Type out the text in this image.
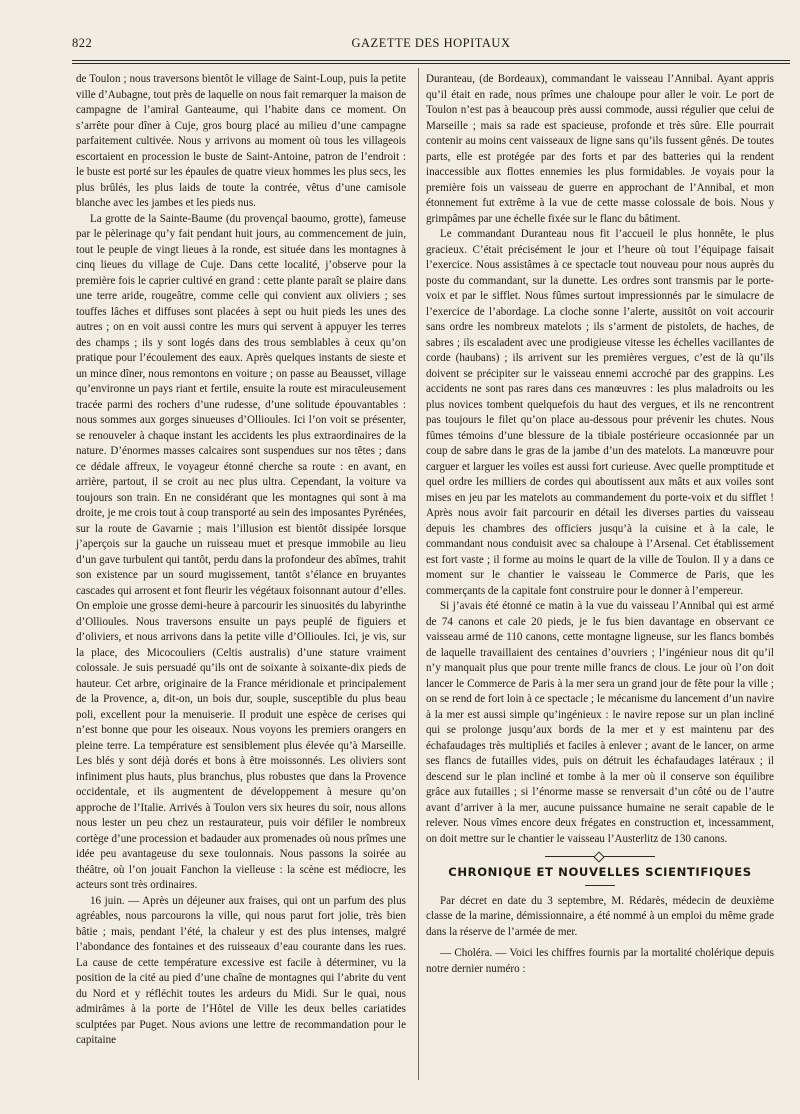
822	GAZETTE DES HOPITAUX

de Toulon ; nous traversons bientôt le village de Saint-Loup, puis la petite ville d’Aubagne, tout près de laquelle on nous fait remarquer la maison de campagne de l’amiral Ganteaume, qui l’habite dans ce moment. On s’arrête pour dîner à Cuje, gros bourg placé au milieu d’une campagne parfaitement cultivée. Nous y arrivons au moment où tous les villageois escortaient en procession le buste de Saint-Antoine, patron de l’endroit : le buste est porté sur les épaules de quatre vieux hommes les plus secs, les plus brûlés, les plus laids de toute la contrée, vêtus d’une camisole blanche avec les jambes et les pieds nus.

La grotte de la Sainte-Baume (du provençal baoumo, grotte), fameuse par le pèlerinage qu’y fait pendant huit jours, au commencement de juin, tout le peuple de vingt lieues à la ronde, est située dans les montagnes à cinq lieues du village de Cuje. Dans cette localité, j’observe pour la première fois le caprier cultivé en grand : cette plante paraît se plaire dans une terre aride, rougeâtre, comme celle qui convient aux oliviers ; ses touffes lâches et diffuses sont placées à sept ou huit pieds les unes des autres ; on en voit aussi contre les murs qui servent à appuyer les terres des champs ; ils y sont logés dans des trous semblables à ceux qu’on pratique pour l’écoulement des eaux. Après quelques instants de sieste et un mince dîner, nous remontons en voiture ; on passe au Beausset, village qu’environne un pays riant et fertile, ensuite la route est miraculeusement tracée parmi des rochers d’une rudesse, d’une solitude épouvantables : nous sommes aux gorges sinueuses d’Ollioules. Ici l’on voit se présenter, se renouveler à chaque instant les accidents les plus extraordinaires de la nature. D’énormes masses calcaires sont suspendues sur nos têtes ; dans ce dédale affreux, le voyageur étonné cherche sa route : en avant, en arrière, partout, il se croit au nec plus ultra. Cependant, la voiture va toujours son train. En ne considérant que les montagnes qui sont à ma droite, je me crois tout à coup transporté au sein des imposantes Pyrénées, sur la route de Gavarnie ; mais l’illusion est bientôt dissipée lorsque j’aperçois sur la gauche un ruisseau muet et presque immobile au lieu d’un gave turbulent qui tantôt, perdu dans la profondeur des abîmes, trahit son existence par un sourd mugissement, tantôt s’élance en bruyantes cascades qui arrosent et font fleurir les végétaux foisonnant autour d’elles. On emploie une grosse demi-heure à parcourir les sinuosités du labyrinthe d’Ollioules. Nous traversons ensuite un pays peuplé de figuiers et d’oliviers, et nous arrivons dans la petite ville d’Ollioules. Ici, je vis, sur la place, des Micocouliers (Celtis australis) d’une stature vraiment colossale. Je suis persuadé qu’ils ont de soixante à soixante-dix pieds de hauteur. Cet arbre, originaire de la France méridionale et principalement de la Provence, a, dit-on, un bois dur, souple, susceptible du plus beau poli, excellent pour la menuiserie. Il produit une espèce de cerises qui n’est bonne que pour les oiseaux. Nous voyons les premiers orangers en pleine terre. La température est sensiblement plus élevée qu’à Marseille. Les blés y sont déjà dorés et bons à être moissonnés. Les oliviers sont infiniment plus hauts, plus branchus, plus robustes que dans la Provence occidentale, et ils augmentent de développement à mesure qu’on approche de l’Italie. Arrivés à Toulon vers six heures du soir, nous allons nous lester un peu chez un restaurateur, puis voir défiler le nombreux cortège d’une procession et badauder aux promenades où nous prîmes une idée peu avantageuse du sexe toulonnais. Nous passons la soirée au théâtre, où l’on jouait Fanchon la vielleuse : la scène est médiocre, les acteurs sont très ordinaires.

16 juin. — Après un déjeuner aux fraises, qui ont un parfum des plus agréables, nous parcourons la ville, qui nous parut fort jolie, très bien bâtie ; mais, pendant l’été, la chaleur y est des plus intenses, malgré l’abondance des fontaines et des ruisseaux d’eau courante dans les rues. La cause de cette température excessive est facile à déterminer, vu la position de la cité au pied d’une chaîne de montagnes qui l’abrite du vent du Nord et y réfléchit toutes les ardeurs du Midi. Sur le quai, nous admirâmes à la porte de l’Hôtel de Ville les deux belles cariatides sculptées par Puget. Nous avions une lettre de recommandation pour le capitaine

Duranteau, (de Bordeaux), commandant le vaisseau l’Annibal. Ayant appris qu’il était en rade, nous prîmes une chaloupe pour aller le voir. Le port de Toulon n’est pas à beaucoup près aussi commode, aussi régulier que celui de Marseille ; mais sa rade est spacieuse, profonde et très sûre. Elle pourrait contenir au moins cent vaisseaux de ligne sans qu’ils fussent gênés. De toutes parts, elle est protégée par des forts et par des batteries qui la rendent inaccessible aux flottes ennemies les plus formidables. Je voyais pour la première fois un vaisseau de guerre en approchant de l’Annibal, et mon étonnement fut extrême à la vue de cette masse colossale de bois. Nous y grimpâmes par une échelle fixée sur le flanc du bâtiment.

Le commandant Duranteau nous fit l’accueil le plus honnête, le plus gracieux. C’était précisément le jour et l’heure où tout l’équipage faisait l’exercice. Nous assistâmes à ce spectacle tout nouveau pour nous auprès du poste du commandant, sur la dunette. Les ordres sont transmis par le porte-voix et par le sifflet. Nous fûmes surtout impressionnés par le simulacre de l’exercice de l’abordage. La cloche sonne l’alerte, aussitôt on voit accourir sans ordre les nombreux matelots ; ils s’arment de pistolets, de haches, de sabres ; ils escaladent avec une prodigieuse vitesse les échelles vacillantes de corde (haubans) ; ils arrivent sur les premières vergues, c’est de là qu’ils doivent se précipiter sur le vaisseau ennemi accroché par des grappins. Les accidents ne sont pas rares dans ces manœuvres : les plus maladroits ou les plus novices tombent quelquefois du haut des vergues, et ils ne rencontrent pas toujours le filet qu’on place au-dessous pour prévenir les chutes. Nous fûmes témoins d’une blessure de la tibiale postérieure occasionnée par un coup de sabre dans le gras de la jambe d’un des matelots. La manœuvre pour carguer et larguer les voiles est aussi fort curieuse. Avec quelle promptitude et quel ordre les milliers de cordes qui aboutissent aux mâts et aux voiles sont mises en jeu par les matelots au commandement du porte-voix et du sifflet ! Après nous avoir fait parcourir en détail les diverses parties du vaisseau depuis les chambres des officiers jusqu’à la cuisine et à la cale, le commandant nous conduisit avec sa chaloupe à l’Arsenal. Cet établissement est fort vaste ; il forme au moins le quart de la ville de Toulon. Il y a dans ce moment sur le chantier le vaisseau le Commerce de Paris, que les commerçants de la capitale font construire pour le donner à l’empereur.

Si j’avais été étonné ce matin à la vue du vaisseau l’Annibal qui est armé de 74 canons et cale 20 pieds, je le fus bien davantage en observant ce vaisseau armé de 110 canons, cette montagne ligneuse, sur les flancs bombés de laquelle travaillaient des centaines d’ouvriers ; l’ingénieur nous dit qu’il n’y manquait plus que pour trente mille francs de clous. Le jour où l’on doit lancer le Commerce de Paris à la mer sera un grand jour de fête pour la ville ; on se rend de fort loin à ce spectacle ; le mécanisme du lancement d’un navire à la mer est aussi simple qu’ingénieux : le navire repose sur un plan incliné qui se prolonge jusqu’aux bords de la mer et y est maintenu par des échafaudages très multipliés et faciles à enlever ; avant de le lancer, on arme ses flancs de futailles vides, puis on détruit les échafaudages latéraux ; il descend sur le plan incliné et tombe à la mer où il conserve son équilibre grâce aux futailles ; si l’énorme masse se renversait d’un côté ou de l’autre avant d’arriver à la mer, aucune puissance humaine ne serait capable de le relever. Nous vîmes encore deux frégates en construction et, incessamment, on doit mettre sur le chantier le vaisseau l’Austerlitz de 130 canons.

CHRONIQUE ET NOUVELLES SCIENTIFIQUES

Par décret en date du 3 septembre, M. Rédarès, médecin de deuxième classe de la marine, démissionnaire, a été nommé à un emploi du même grade dans la réserve de l’armée de mer.

— Choléra. — Voici les chiffres fournis par la mortalité cholérique depuis notre dernier numéro :
